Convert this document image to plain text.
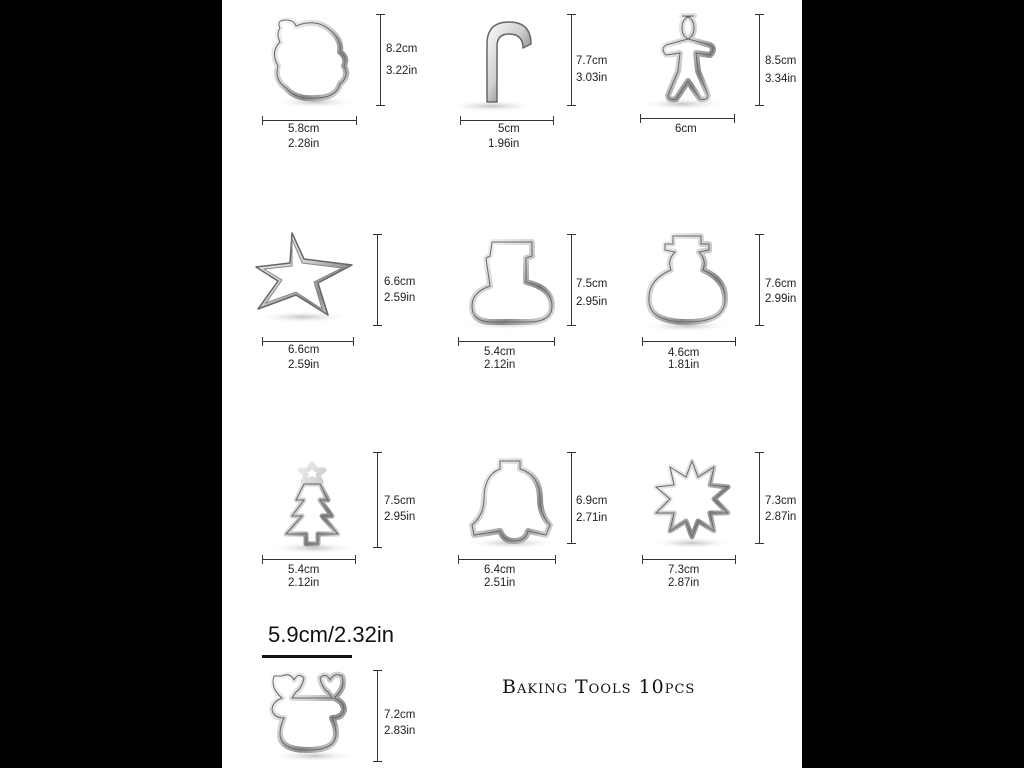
8.2cm
3.22in
5.8cm
2.28in
7.7cm
3.03in
5cm
1.96in
8.5cm
3.34in
6cm
6.6cm
2.59in
6.6cm
2.59in
7.5cm
2.95in
5.4cm
2.12in
7.6cm
2.99in
4.6cm
1.81in
7.5cm
2.95in
5.4cm
2.12in
6.9cm
2.71in
6.4cm
2.51in
7.3cm
2.87in
7.3cm
2.87in
5.9cm/2.32in
7.2cm
2.83in
Baking Tools 10pcs
